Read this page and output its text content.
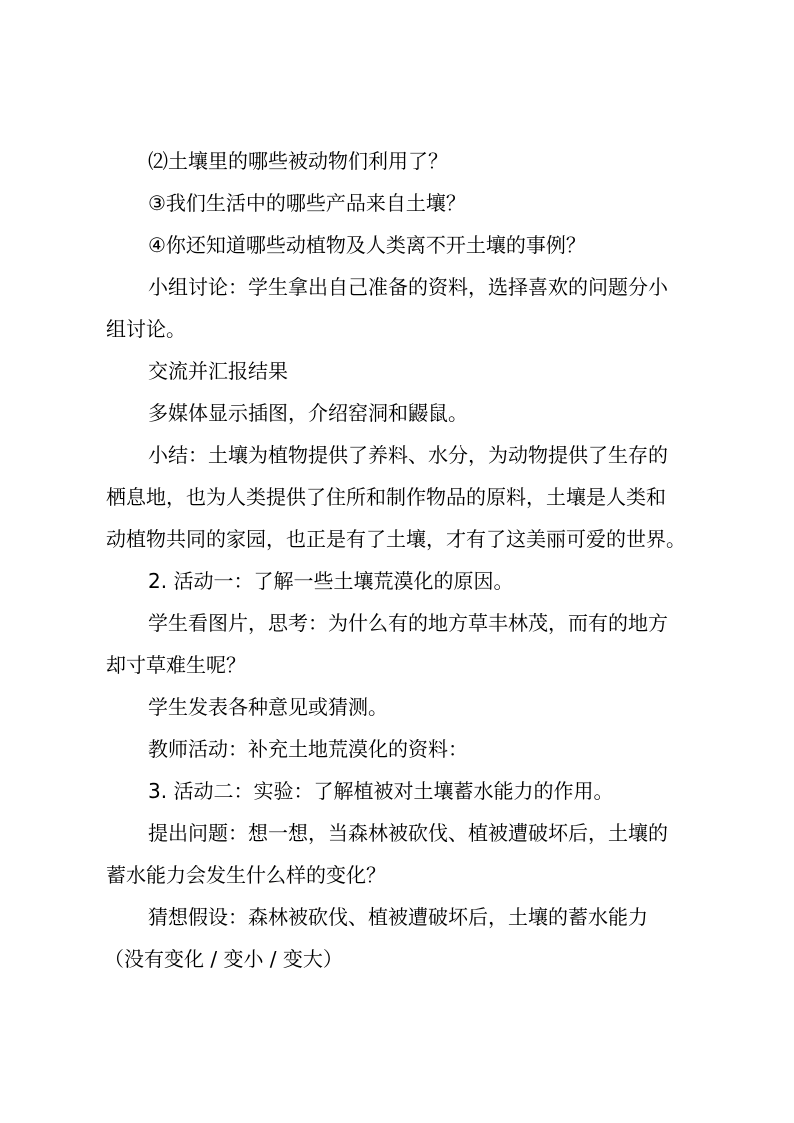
⑵土壤里的哪些被动物们利用了？
③我们生活中的哪些产品来自土壤？
④你还知道哪些动植物及人类离不开土壤的事例？
小组讨论：学生拿出自己准备的资料，选择喜欢的问题分小
组讨论。
交流并汇报结果
多媒体显示插图，介绍窑洞和鼹鼠。
小结：土壤为植物提供了养料、水分，为动物提供了生存的
栖息地，也为人类提供了住所和制作物品的原料，土壤是人类和
动植物共同的家园，也正是有了土壤，才有了这美丽可爱的世界。
2. 活动一：了解一些土壤荒漠化的原因。
学生看图片，思考：为什么有的地方草丰林茂，而有的地方
却寸草难生呢？
学生发表各种意见或猜测。
教师活动：补充土地荒漠化的资料：
3. 活动二：实验：了解植被对土壤蓄水能力的作用。
提出问题：想一想，当森林被砍伐、植被遭破坏后，土壤的
蓄水能力会发生什么样的变化？
猜想假设：森林被砍伐、植被遭破坏后，土壤的蓄水能力
（没有变化 / 变小 / 变大）
